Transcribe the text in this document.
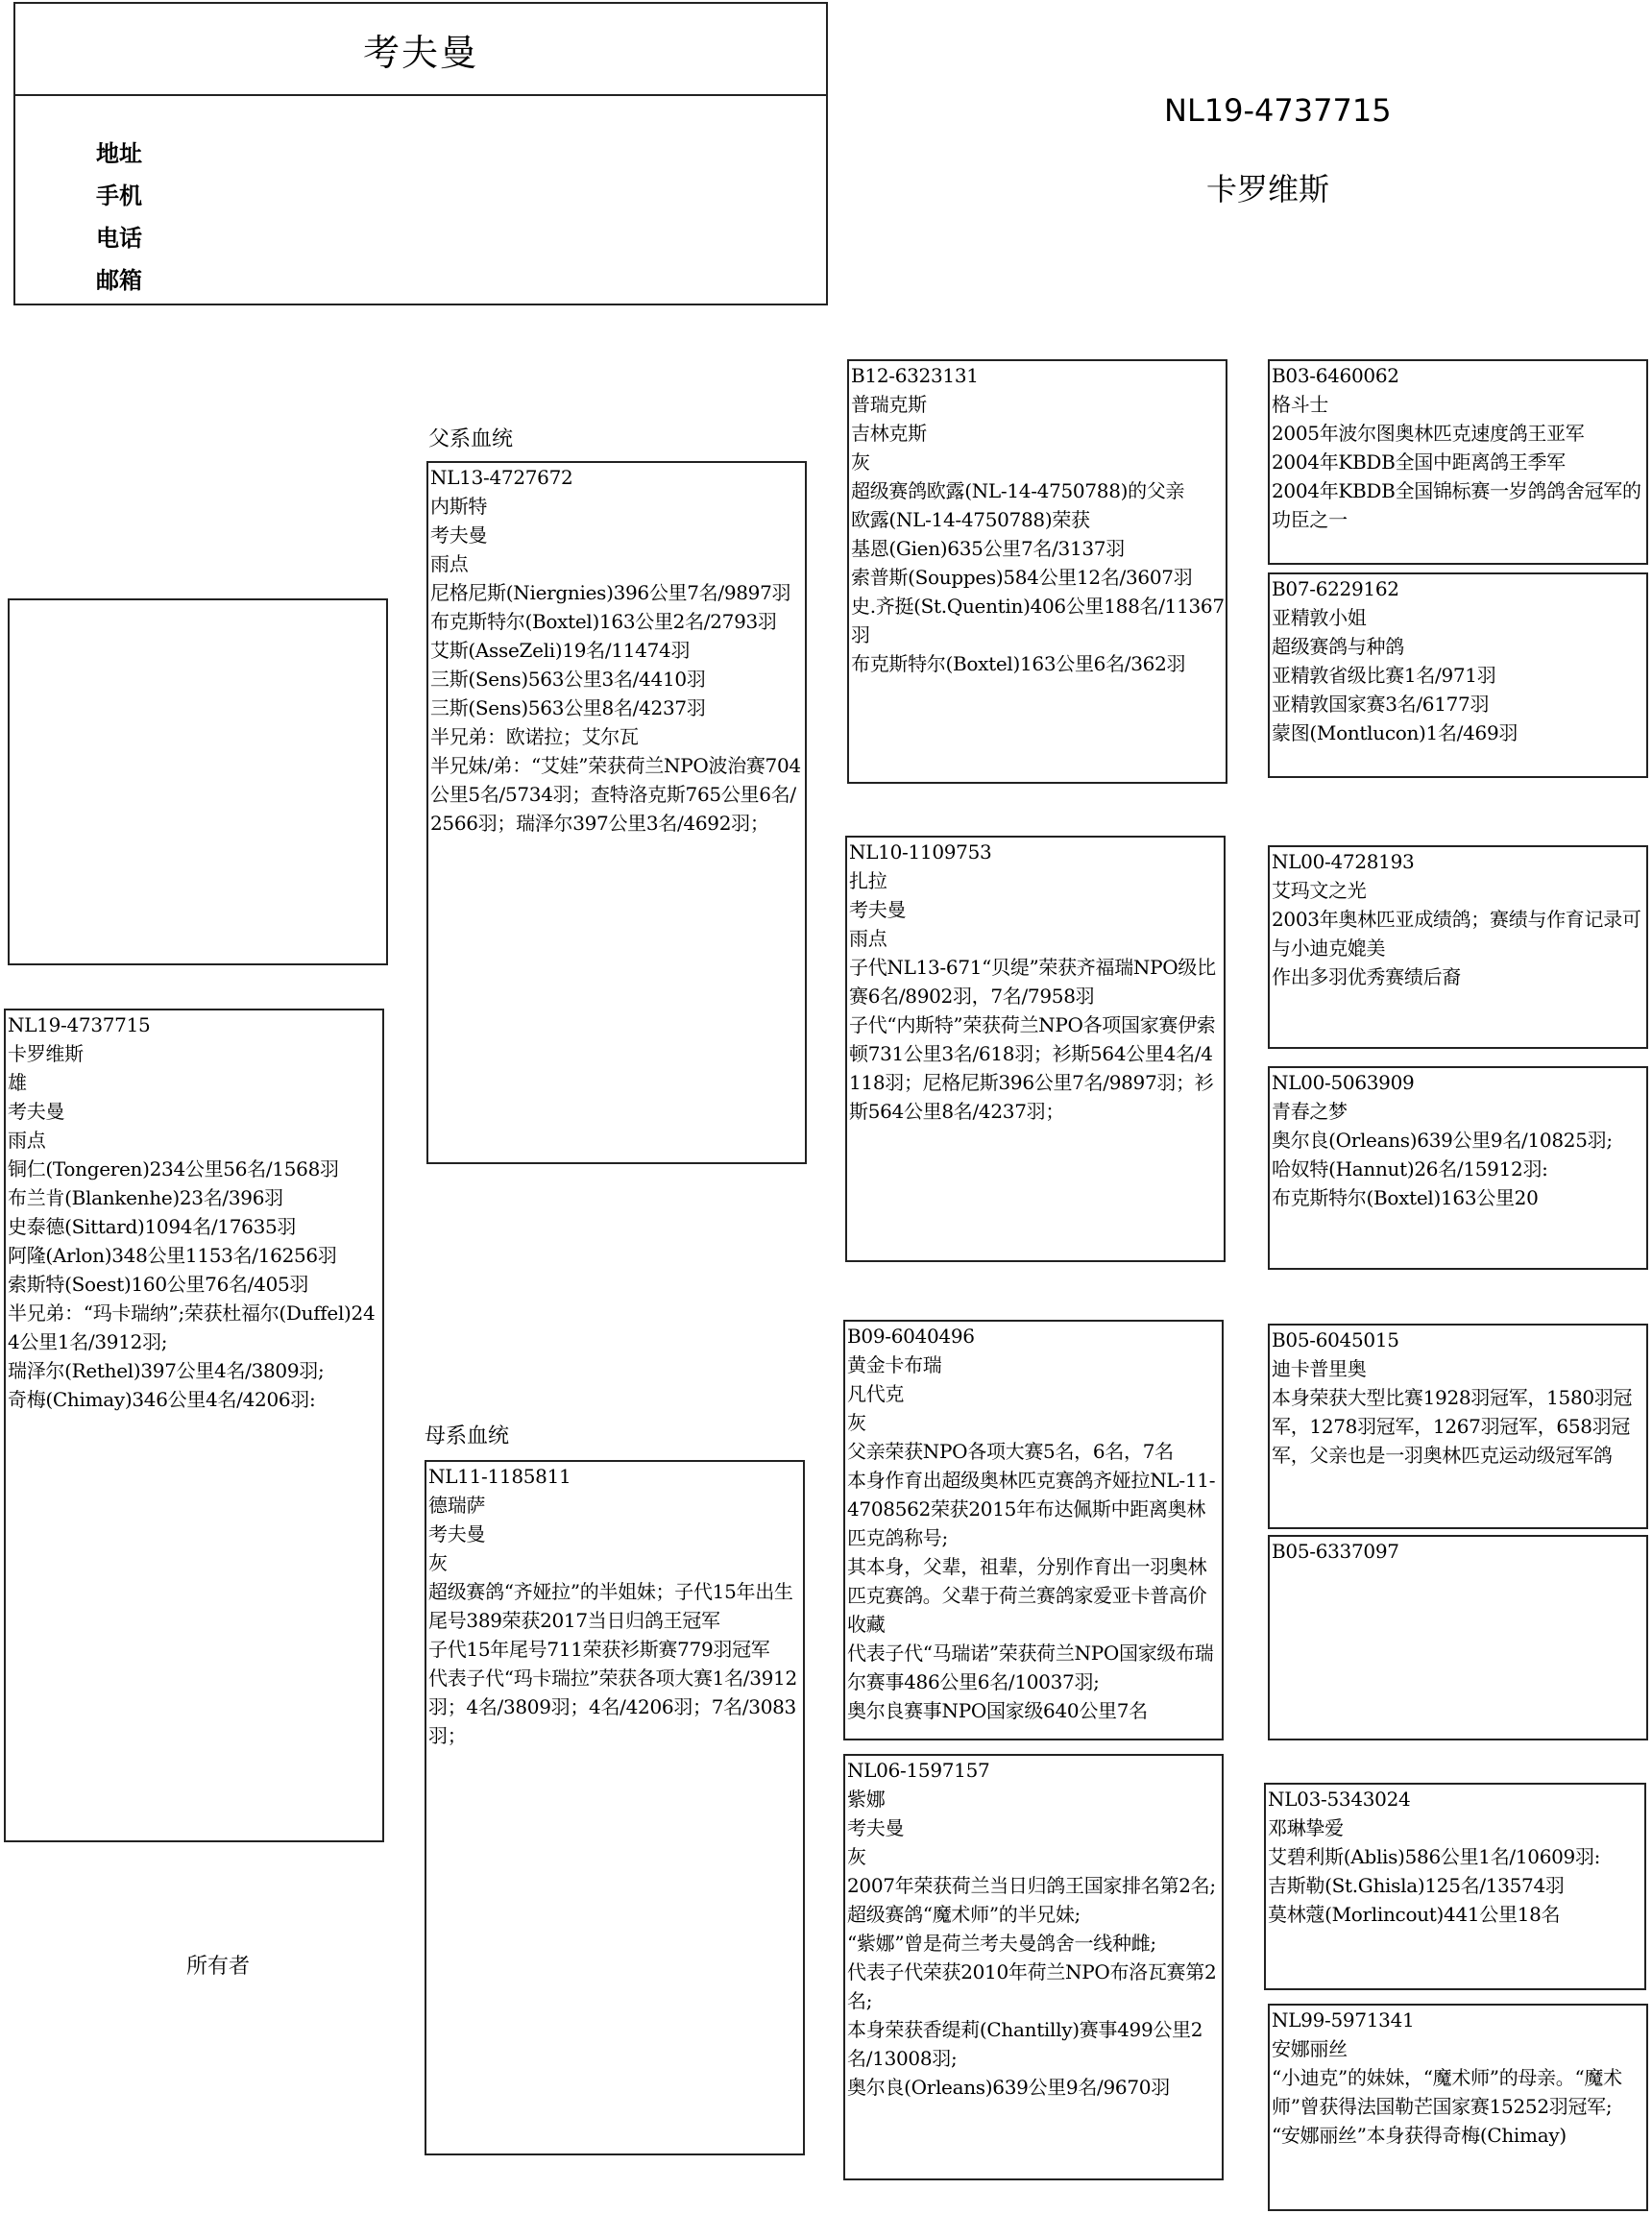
考夫曼
地址
手机
电话
邮箱
NL19-4737715
卡罗维斯
父系血统
母系血统
所有者
NL19-4737715
卡罗维斯
雄
考夫曼
雨点
铜仁(Tongeren)234公里56名/1568羽
布兰肯(Blankenhe)23名/396羽
史泰德(Sittard)1094名/17635羽
阿隆(Arlon)348公里1153名/16256羽
索斯特(Soest)160公里76名/405羽
半兄弟：“玛卡瑞纳”;荣获杜福尔(Duffel)244公里1名/3912羽;
瑞泽尔(Rethel)397公里4名/3809羽;
奇梅(Chimay)346公里4名/4206羽:
NL13-4727672
内斯特
考夫曼
雨点
尼格尼斯(Niergnies)396公里7名/9897羽
布克斯特尔(Boxtel)163公里2名/2793羽
艾斯(AsseZeli)19名/11474羽
三斯(Sens)563公里3名/4410羽
三斯(Sens)563公里8名/4237羽
半兄弟：欧诺拉；艾尔瓦
半兄妹/弟：“艾娃”荣获荷兰NPO波治赛704公里5名/5734羽；查特洛克斯765公里6名/2566羽；瑞泽尔397公里3名/4692羽；
NL11-1185811
德瑞萨
考夫曼
灰
超级赛鸽“齐娅拉”的半姐妹；子代15年出生尾号389荣获2017当日归鸽王冠军
子代15年尾号711荣获衫斯赛779羽冠军
代表子代“玛卡瑞拉”荣获各项大赛1名/3912羽；4名/3809羽；4名/4206羽；7名/3083羽；
B12-6323131
普瑞克斯
吉林克斯
灰
超级赛鸽欧露(NL-14-4750788)的父亲
欧露(NL-14-4750788)荣获
基恩(Gien)635公里7名/3137羽
索普斯(Souppes)584公里12名/3607羽
史.齐挺(St.Quentin)406公里188名/11367羽
布克斯特尔(Boxtel)163公里6名/362羽
NL10-1109753
扎拉
考夫曼
雨点
子代NL13-671“贝缇”荣获齐福瑞NPO级比赛6名/8902羽，7名/7958羽
子代“内斯特”荣获荷兰NPO各项国家赛伊索顿731公里3名/618羽；衫斯564公里4名/4118羽；尼格尼斯396公里7名/9897羽；衫斯564公里8名/4237羽；
B09-6040496
黄金卡布瑞
凡代克
灰
父亲荣获NPO各项大赛5名，6名，7名
本身作育出超级奥林匹克赛鸽齐娅拉NL-11-4708562荣获2015年布达佩斯中距离奥林匹克鸽称号;
其本身，父辈，祖辈，分别作育出一羽奥林匹克赛鸽。父辈于荷兰赛鸽家爱亚卡普高价收藏
代表子代“马瑞诺”荣获荷兰NPO国家级布瑞尔赛事486公里6名/10037羽;
奥尔良赛事NPO国家级640公里7名
NL06-1597157
紫娜
考夫曼
灰
2007年荣获荷兰当日归鸽王国家排名第2名;
超级赛鸽“魔术师”的半兄妹;
“紫娜”曾是荷兰考夫曼鸽舍一线种雌;
代表子代荣获2010年荷兰NPO布洛瓦赛第2名;
本身荣获香缇莉(Chantilly)赛事499公里2名/13008羽;
奥尔良(Orleans)639公里9名/9670羽
B03-6460062
格斗士
2005年波尔图奥林匹克速度鸽王亚军
2004年KBDB全国中距离鸽王季军
2004年KBDB全国锦标赛一岁鸽鸽舍冠军的功臣之一
B07-6229162
亚精敦小姐
超级赛鸽与种鸽
亚精敦省级比赛1名/971羽
亚精敦国家赛3名/6177羽
蒙图(Montlucon)1名/469羽
NL00-4728193
艾玛文之光
2003年奥林匹亚成绩鸽；赛绩与作育记录可与小迪克媲美
作出多羽优秀赛绩后裔
NL00-5063909
青春之梦
奥尔良(Orleans)639公里9名/10825羽;
哈奴特(Hannut)26名/15912羽:
布克斯特尔(Boxtel)163公里20
B05-6045015
迪卡普里奥
本身荣获大型比赛1928羽冠军，1580羽冠军，1278羽冠军，1267羽冠军，658羽冠军，父亲也是一羽奥林匹克运动级冠军鸽
B05-6337097
NL03-5343024
邓琳挚爱
艾碧利斯(Ablis)586公里1名/10609羽:
吉斯勒(St.Ghisla)125名/13574羽
莫林蔻(Morlincout)441公里18名
NL99-5971341
安娜丽丝
“小迪克”的妹妹，“魔术师”的母亲。“魔术师”曾获得法国勒芒国家赛15252羽冠军;
“安娜丽丝”本身获得奇梅(Chimay)
